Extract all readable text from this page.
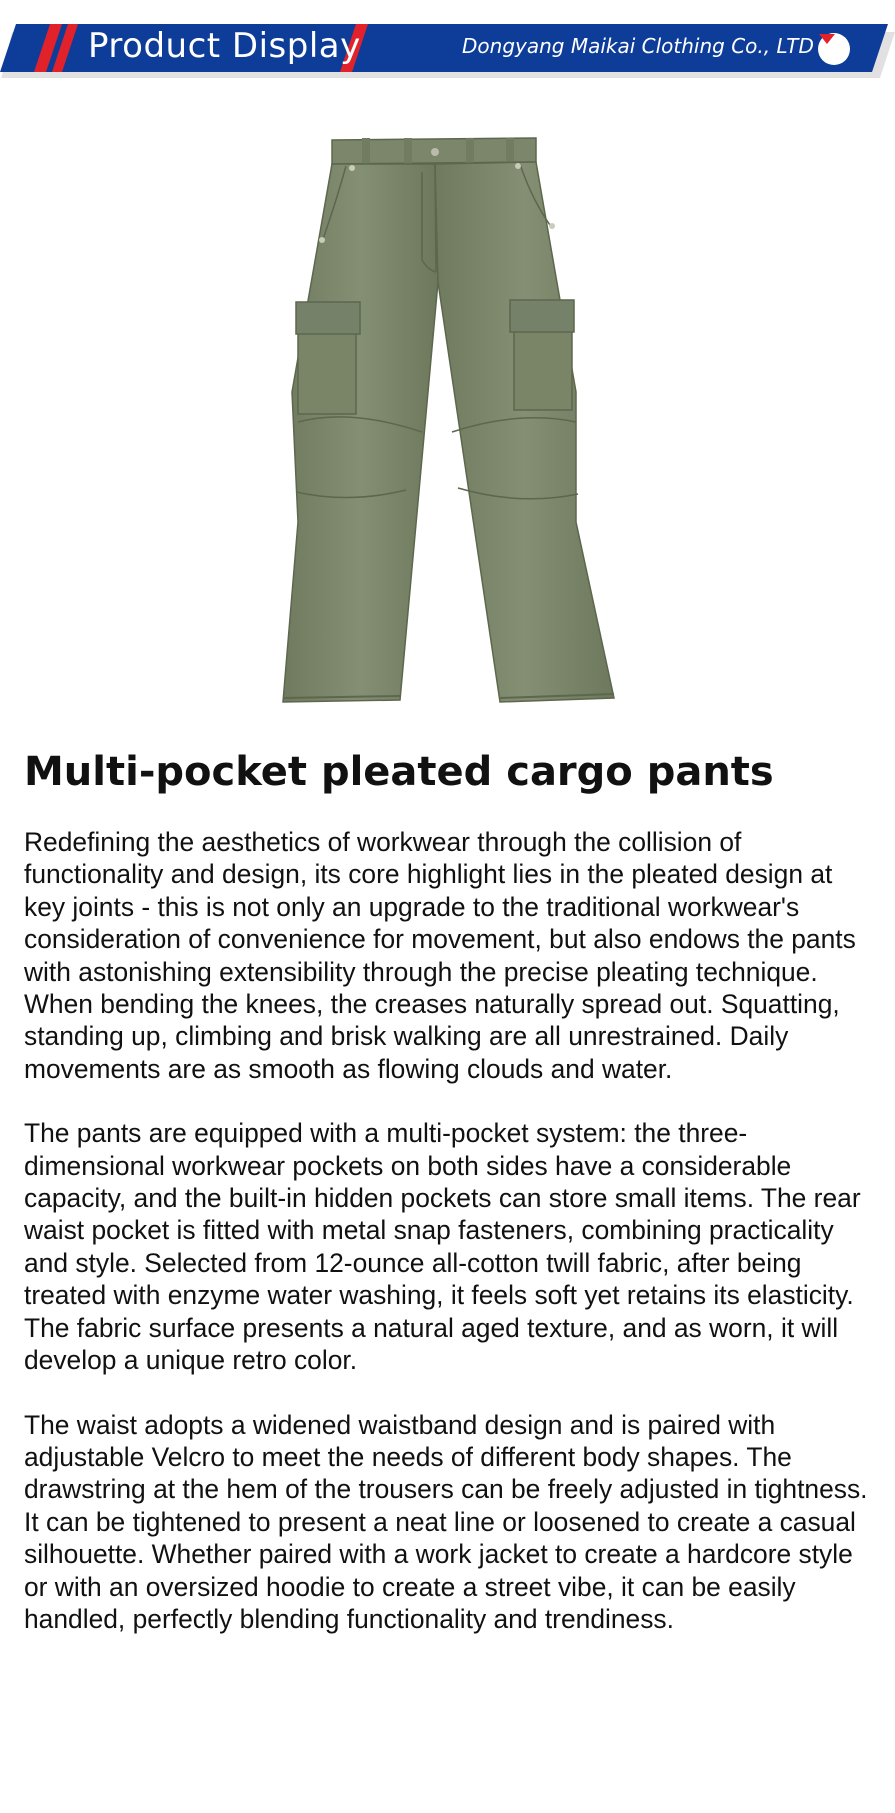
Product Display	Dongyang Maikai Clothing Co., LTD
Multi-pocket pleated cargo pants

Redefining the aesthetics of workwear through the collision of functionality and design, its core highlight lies in the pleated design at key joints - this is not only an upgrade to the traditional workwear's consideration of convenience for movement, but also endows the pants with astonishing extensibility through the precise pleating technique. When bending the knees, the creases naturally spread out. Squatting, standing up, climbing and brisk walking are all unrestrained. Daily movements are as smooth as flowing clouds and water.

The pants are equipped with a multi-pocket system: the three-dimensional workwear pockets on both sides have a considerable capacity, and the built-in hidden pockets can store small items. The rear waist pocket is fitted with metal snap fasteners, combining practicality and style. Selected from 12-ounce all-cotton twill fabric, after being treated with enzyme water washing, it feels soft yet retains its elasticity. The fabric surface presents a natural aged texture, and as worn, it will develop a unique retro color.

The waist adopts a widened waistband design and is paired with adjustable Velcro to meet the needs of different body shapes. The drawstring at the hem of the trousers can be freely adjusted in tightness. It can be tightened to present a neat line or loosened to create a casual silhouette. Whether paired with a work jacket to create a hardcore style or with an oversized hoodie to create a street vibe, it can be easily handled, perfectly blending functionality and trendiness.
